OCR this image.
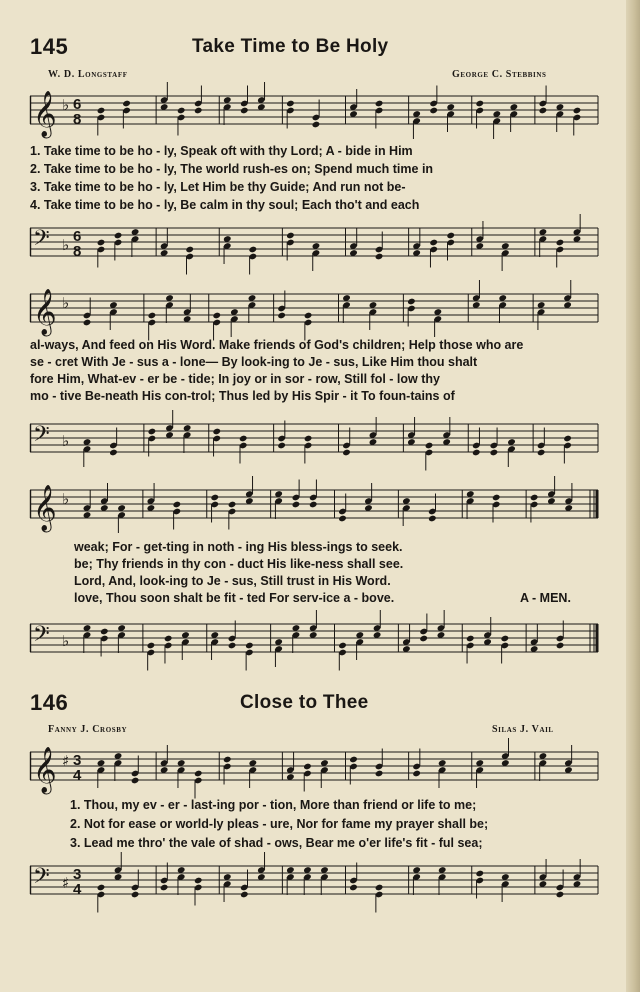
145	Take Time to Be Holy
W. D. Longstaff	George C. Stebbins
𝄞 ♭ 6
8
1. Take time to be ho - ly, Speak oft with thy Lord; A - bide in Him
2. Take time to be ho - ly, The world rush-es on; Spend much time in
3. Take time to be ho - ly, Let Him be thy Guide; And run not be-
4. Take time to be ho - ly, Be calm in thy soul; Each tho't and each
𝄢 ♭ 6
8
𝄞 ♭
al-ways, And feed on His Word. Make friends of God's children; Help those who are
se - cret With Je - sus a - lone— By look-ing to Je - sus, Like Him thou shalt
fore Him, What-ev - er be - tide; In joy or in sor - row, Still fol - low thy
mo - tive Be-neath His con-trol; Thus led by His Spir - it To foun-tains of
𝄢 ♭
𝄞 ♭
weak; For - get-ting in noth - ing His bless-ings to seek.
be; Thy friends in thy con - duct His like-ness shall see.
Lord, And, look-ing to Je - sus, Still trust in His Word.
love, Thou soon shalt be fit - ted For serv-ice a - bove.	A - MEN.
𝄢 ♭
146	Close to Thee
Fanny J. Crosby	Silas J. Vail
𝄞 ♯ 3
4
1. Thou, my ev - er - last-ing por - tion, More than friend or life to me;
2. Not for ease or world-ly pleas - ure, Nor for fame my prayer shall be;
3. Lead me thro' the vale of shad - ows, Bear me o'er life's fit - ful sea;
𝄢 ♯ 3
4
